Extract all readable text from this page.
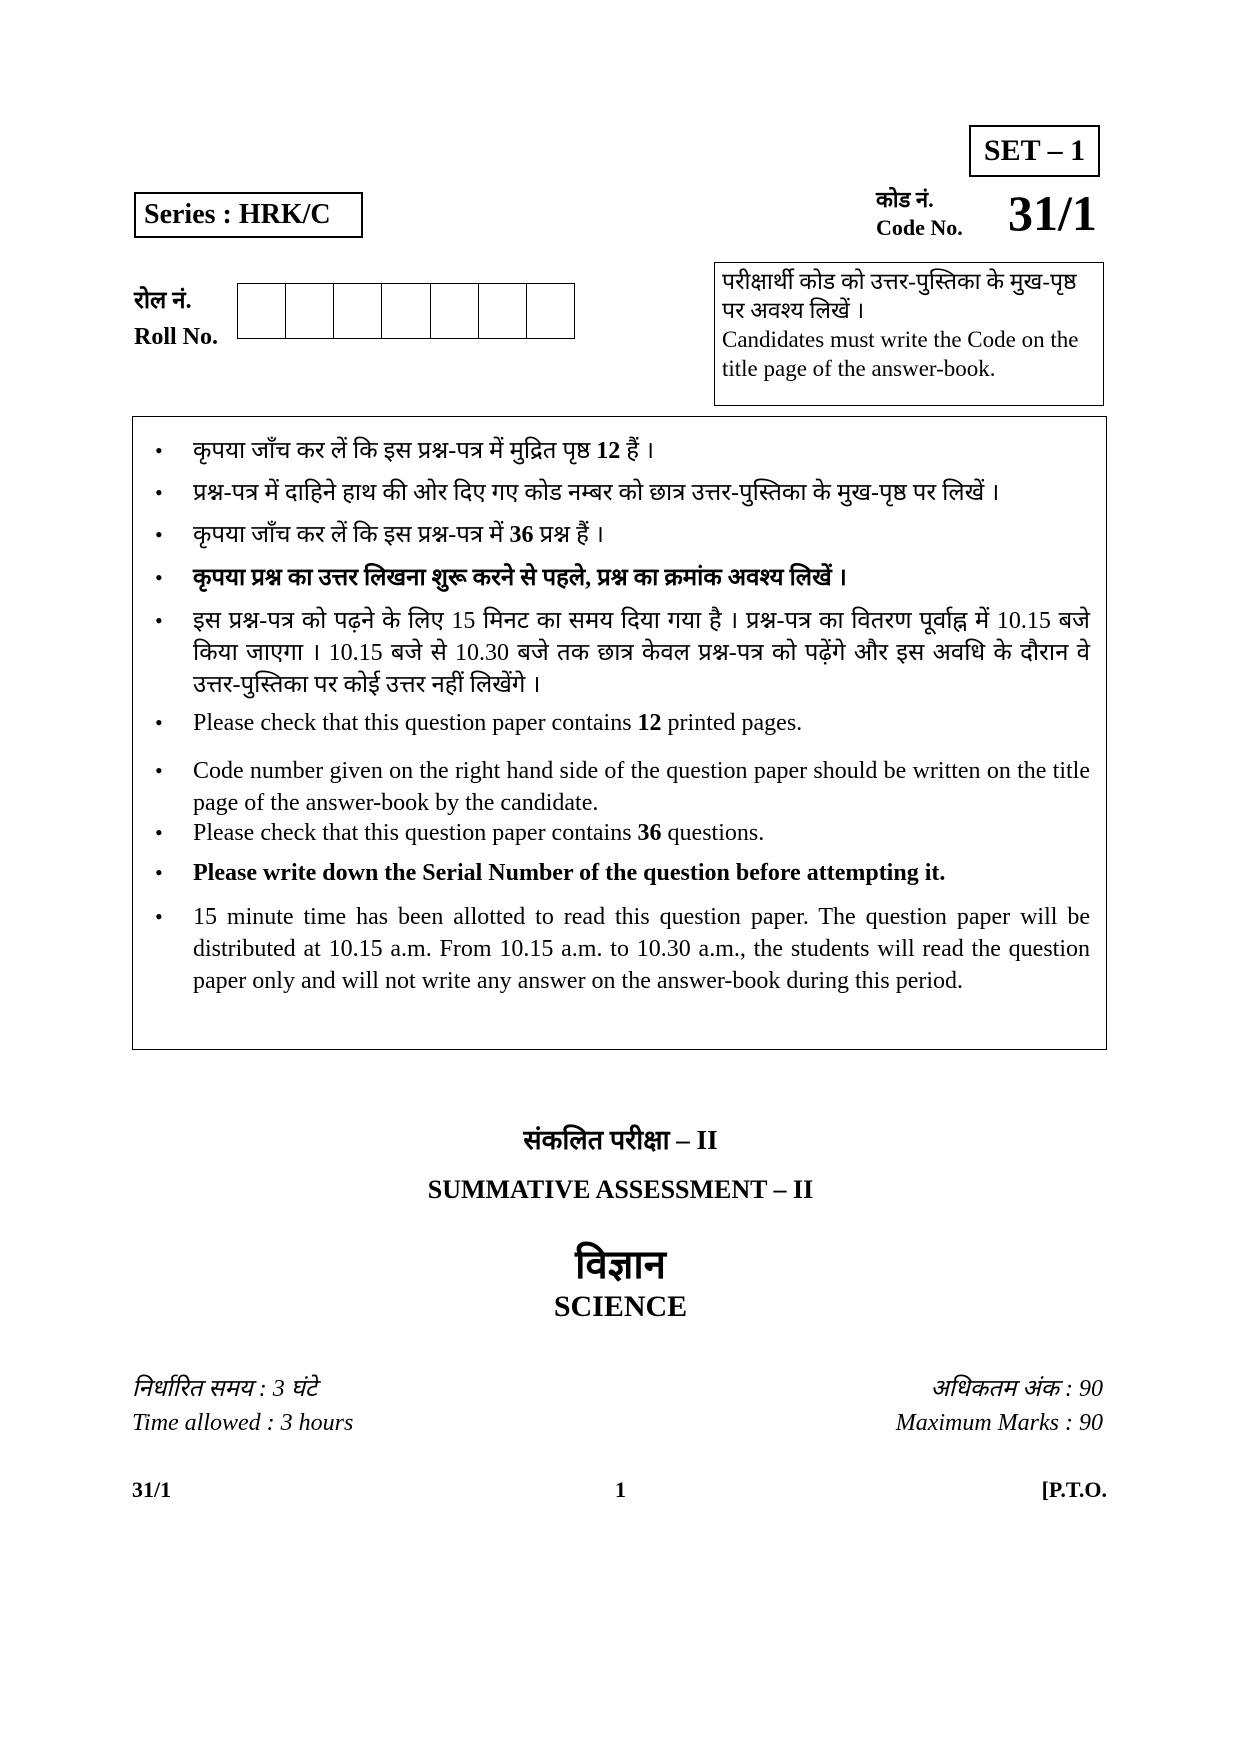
SET – 1
Series : HRK/C	कोड नं.
Code No. 31/1
रोल नं.
Roll No.
परीक्षार्थी कोड को उत्तर-पुस्तिका के मुख-पृष्ठ पर अवश्य लिखें ।
Candidates must write the Code on the title page of the answer-book.
• कृपया जाँच कर लें कि इस प्रश्न-पत्र में मुद्रित पृष्ठ 12 हैं ।
• प्रश्न-पत्र में दाहिने हाथ की ओर दिए गए कोड नम्बर को छात्र उत्तर-पुस्तिका के मुख-पृष्ठ पर लिखें ।
• कृपया जाँच कर लें कि इस प्रश्न-पत्र में 36 प्रश्न हैं ।
• कृपया प्रश्न का उत्तर लिखना शुरू करने से पहले, प्रश्न का क्रमांक अवश्य लिखें ।
• इस प्रश्न-पत्र को पढ़ने के लिए 15 मिनट का समय दिया गया है । प्रश्न-पत्र का वितरण पूर्वाह्न में 10.15 बजे किया जाएगा । 10.15 बजे से 10.30 बजे तक छात्र केवल प्रश्न-पत्र को पढ़ेंगे और इस अवधि के दौरान वे उत्तर-पुस्तिका पर कोई उत्तर नहीं लिखेंगे ।
• Please check that this question paper contains 12 printed pages.
• Code number given on the right hand side of the question paper should be written on the title page of the answer-book by the candidate.
• Please check that this question paper contains 36 questions.
• Please write down the Serial Number of the question before attempting it.
• 15 minute time has been allotted to read this question paper. The question paper will be distributed at 10.15 a.m. From 10.15 a.m. to 10.30 a.m., the students will read the question paper only and will not write any answer on the answer-book during this period.
संकलित परीक्षा – II
SUMMATIVE ASSESSMENT – II
विज्ञान
SCIENCE
निर्धारित समय : 3 घंटे
Time allowed : 3 hours
अधिकतम अंक : 90
Maximum Marks : 90
31/1	1	[P.T.O.
